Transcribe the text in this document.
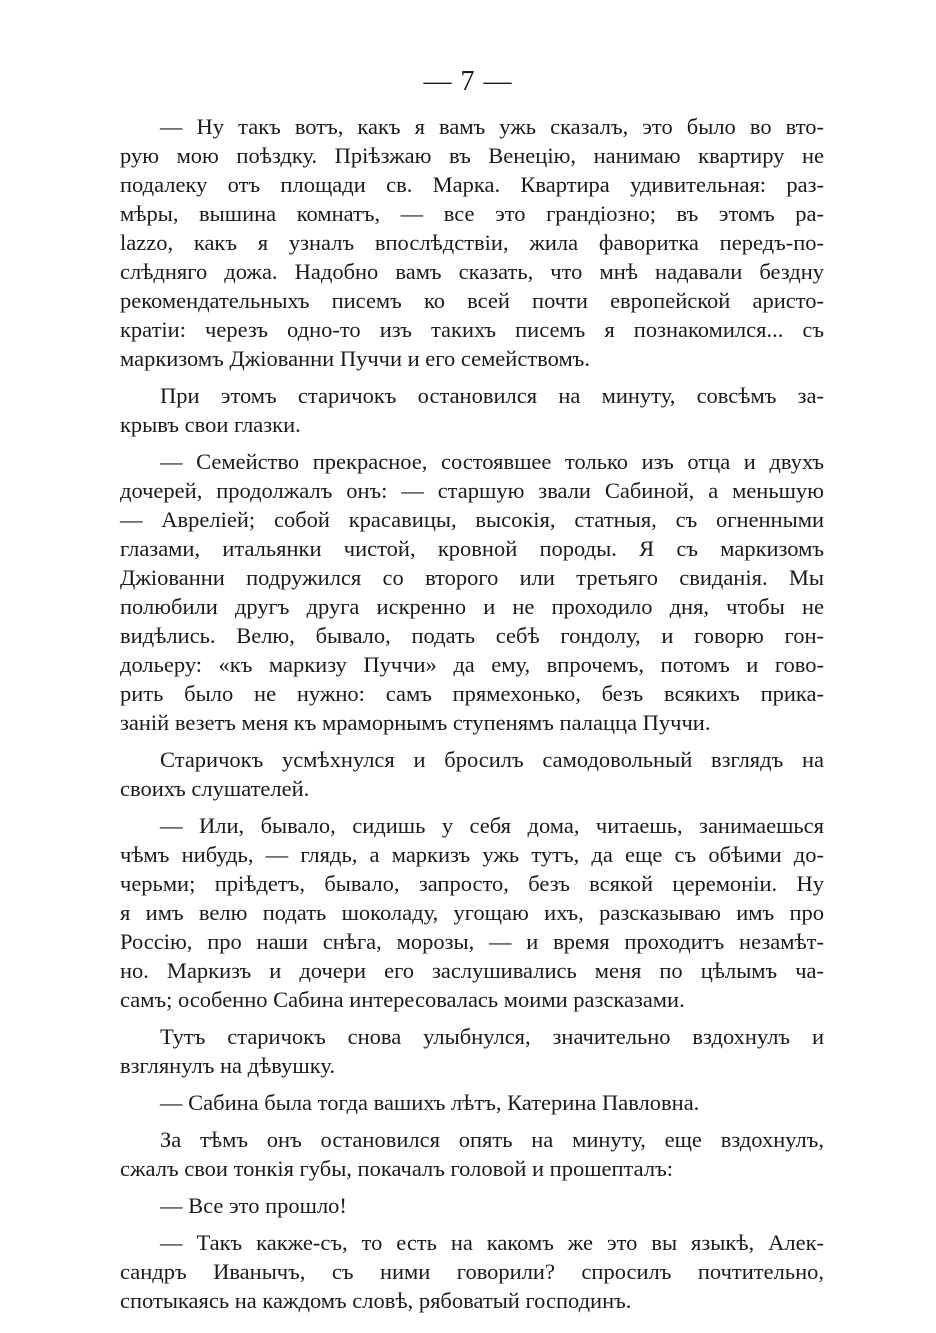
— 7 —
— Ну такъ вотъ, какъ я вамъ ужь сказалъ, это было во вто-
рую мою поѣздку. Пріѣзжаю въ Венецію, нанимаю квартиру не
подалеку отъ площади св. Марка. Квартира удивительная: раз-
мѣры, вышина комнатъ, — все это грандіозно; въ этомъ pa-
lazzo, какъ я узналъ впослѣдствіи, жила фаворитка передъ-по-
слѣдняго дожа. Надобно вамъ сказать, что мнѣ надавали бездну
рекомендательныхъ писемъ ко всей почти европейской аристо-
кратіи: черезъ одно-то изъ такихъ писемъ я познакомился... съ
маркизомъ Джіованни Пуччи и его семействомъ.
При этомъ старичокъ остановился на минуту, совсѣмъ за-
крывъ свои глазки.
— Семейство прекрасное, состоявшее только изъ отца и двухъ
дочерей, продолжалъ онъ: — старшую звали Сабиной, а меньшую
— Авреліей; собой красавицы, высокія, статныя, съ огненными
глазами, итальянки чистой, кровной породы. Я съ маркизомъ
Джіованни подружился со второго или третьяго свиданія. Мы
полюбили другъ друга искренно и не проходило дня, чтобы не
видѣлись. Велю, бывало, подать себѣ гондолу, и говорю гон-
дольеру: «къ маркизу Пуччи» да ему, впрочемъ, потомъ и гово-
рить было не нужно: самъ прямехонько, безъ всякихъ прика-
заній везетъ меня къ мраморнымъ ступенямъ палацца Пуччи.
Старичокъ усмѣхнулся и бросилъ самодовольный взглядъ на
своихъ слушателей.
— Или, бывало, сидишь у себя дома, читаешь, занимаешься
чѣмъ нибудь, — глядь, а маркизъ ужь тутъ, да еще съ обѣими до-
черьми; пріѣдетъ, бывало, запросто, безъ всякой церемоніи. Ну
я имъ велю подать шоколаду, угощаю ихъ, разсказываю имъ про
Россію, про наши снѣга, морозы, — и время проходитъ незамѣт-
но. Маркизъ и дочери его заслушивались меня по цѣлымъ ча-
самъ; особенно Сабина интересовалась моими разсказами.
Тутъ старичокъ снова улыбнулся, значительно вздохнулъ и
взглянулъ на дѣвушку.
— Сабина была тогда вашихъ лѣтъ, Катерина Павловна.
За тѣмъ онъ остановился опять на минуту, еще вздохнулъ,
сжалъ свои тонкія губы, покачалъ головой и прошепталъ:
— Все это прошло!
— Такъ какже-съ, то есть на какомъ же это вы языкѣ, Алек-
сандръ Иванычъ, съ ними говорили? спросилъ почтительно,
спотыкаясь на каждомъ словѣ, рябоватый господинъ.
